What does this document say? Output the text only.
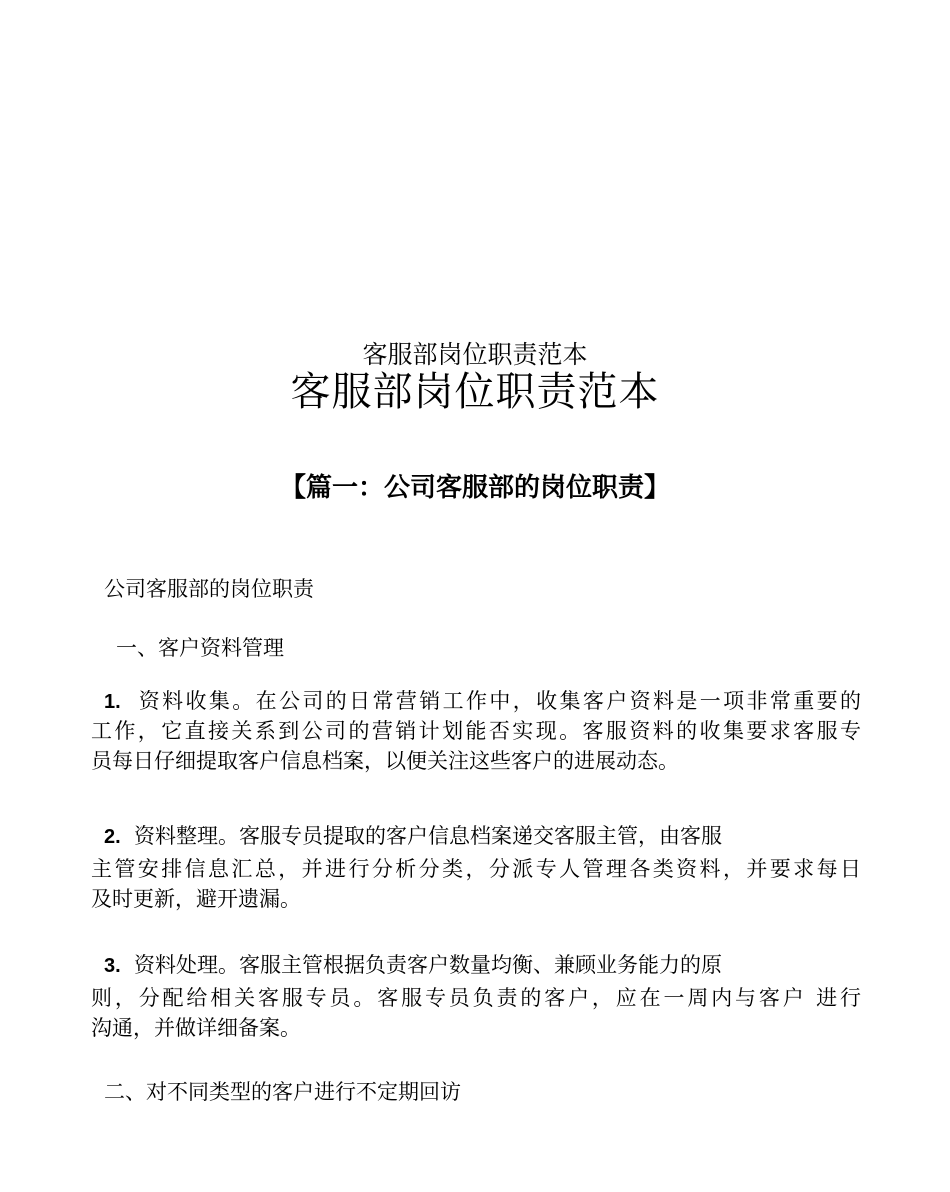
客服部岗位职责范本
客服部岗位职责范本
【篇一：公司客服部的岗位职责】
公司客服部的岗位职责
一、客户资料管理
1. 资料收集。在公司的日常营销工作中，收集客户资料是一项非常重要的
工作，它直接关系到公司的营销计划能否实现。客服资料的收集要求客服专
员每日仔细提取客户信息档案，以便关注这些客户的进展动态。
2. 资料整理。客服专员提取的客户信息档案递交客服主管，由客服
主管安排信息汇总，并进行分析分类，分派专人管理各类资料，并要求每日
及时更新，避开遗漏。
3. 资料处理。客服主管根据负责客户数量均衡、兼顾业务能力的原
则，分配给相关客服专员。客服专员负责的客户，应在一周内与客户 进行
沟通，并做详细备案。
二、对不同类型的客户进行不定期回访
